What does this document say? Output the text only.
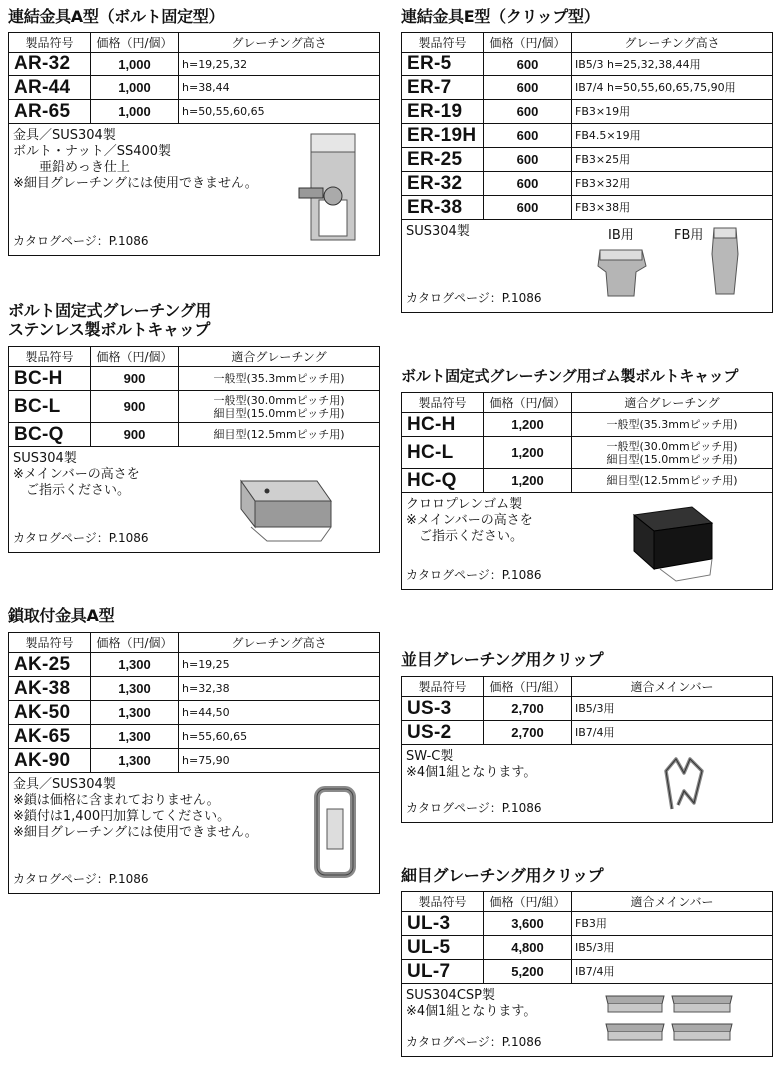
連結金具A型（ボルト固定型）
製品符号	価格（円/個）	グレーチング高さ
AR-32	1,000	h=19,25,32
AR-44	1,000	h=38,44
AR-65	1,000	h=50,55,60,65
金具／SUS304製
ボルト・ナット／SS400製
　　亜鉛めっき仕上
※細目グレーチングには使用できません。
カタログページ：P.1086
連結金具E型（クリップ型）
製品符号	価格（円/個）	グレーチング高さ
ER-5	600	IB5/3 h=25,32,38,44用
ER-7	600	IB7/4 h=50,55,60,65,75,90用
ER-19	600	FB3×19用
ER-19H	600	FB4.5×19用
ER-25	600	FB3×25用
ER-32	600	FB3×32用
ER-38	600	FB3×38用
SUS304製	IB用	FB用
カタログページ：P.1086
ボルト固定式グレーチング用
ステンレス製ボルトキャップ
製品符号	価格（円/個）	適合グレーチング
BC-H	900	一般型(35.3mmピッチ用)
BC-L	900	一般型(30.0mmピッチ用)
細目型(15.0mmピッチ用)
BC-Q	900	細目型(12.5mmピッチ用)
SUS304製
※メインバーの高さを
　ご指示ください。
カタログページ：P.1086
ボルト固定式グレーチング用ゴム製ボルトキャップ
製品符号	価格（円/個）	適合グレーチング
HC-H	1,200	一般型(35.3mmピッチ用)
HC-L	1,200	一般型(30.0mmピッチ用)
細目型(15.0mmピッチ用)
HC-Q	1,200	細目型(12.5mmピッチ用)
クロロプレンゴム製
※メインバーの高さを
　ご指示ください。
カタログページ：P.1086
鎖取付金具A型
製品符号	価格（円/個）	グレーチング高さ
AK-25	1,300	h=19,25
AK-38	1,300	h=32,38
AK-50	1,300	h=44,50
AK-65	1,300	h=55,60,65
AK-90	1,300	h=75,90
金具／SUS304製
※鎖は価格に含まれておりません。
※鎖付は1,400円加算してください。
※細目グレーチングには使用できません。
カタログページ：P.1086
並目グレーチング用クリップ
製品符号	価格（円/組）	適合メインバー
US-3	2,700	IB5/3用
US-2	2,700	IB7/4用
SW-C製
※4個1組となります。
カタログページ：P.1086
細目グレーチング用クリップ
製品符号	価格（円/組）	適合メインバー
UL-3	3,600	FB3用
UL-5	4,800	IB5/3用
UL-7	5,200	IB7/4用
SUS304CSP製
※4個1組となります。
カタログページ：P.1086
